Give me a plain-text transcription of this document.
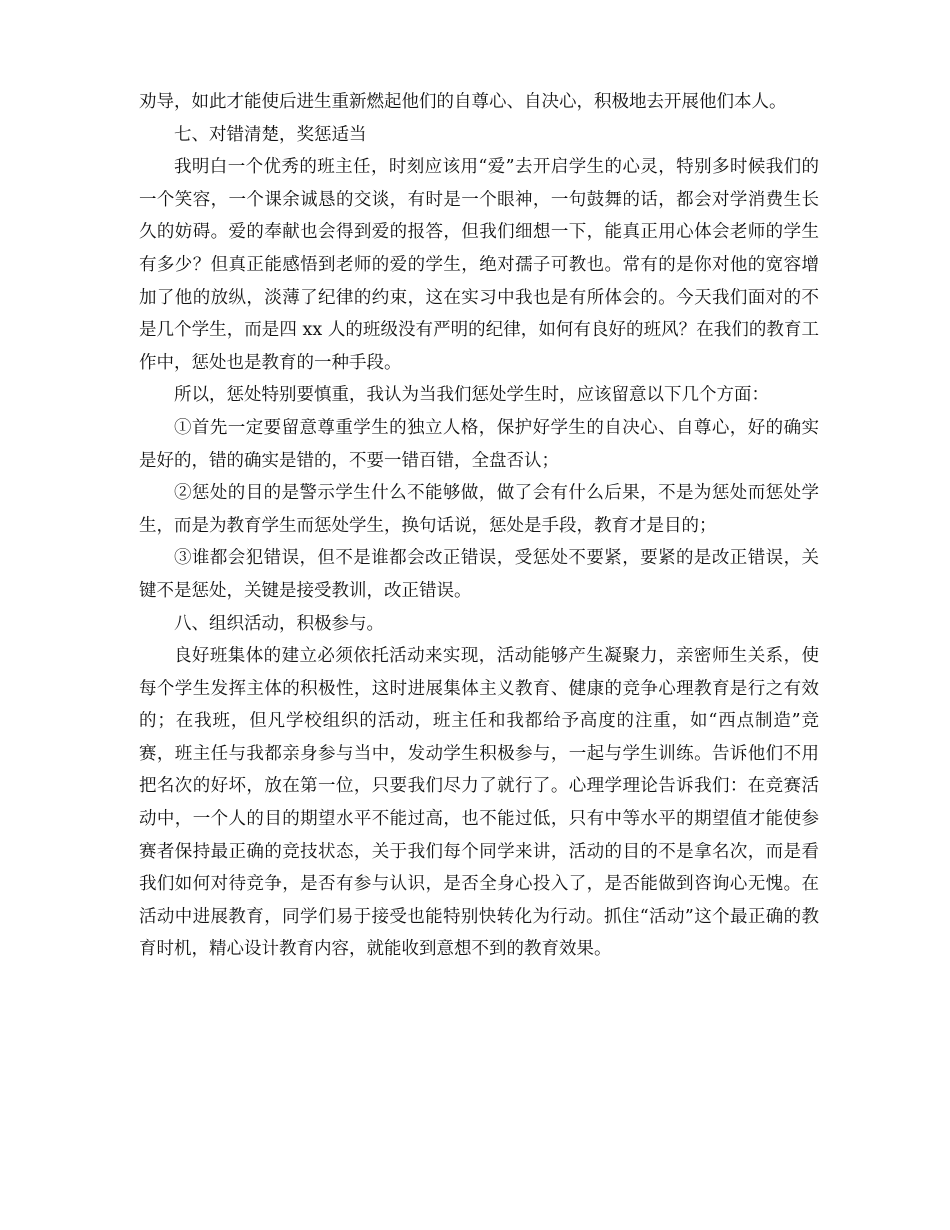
劝导，如此才能使后进生重新燃起他们的自尊心、自决心，积极地去开展他们本人。

七、对错清楚，奖惩适当

我明白一个优秀的班主任，时刻应该用“爱”去开启学生的心灵，特别多时候我们的一个笑容，一个课余诚恳的交谈，有时是一个眼神，一句鼓舞的话，都会对学消费生长久的妨碍。爱的奉献也会得到爱的报答，但我们细想一下，能真正用心体会老师的学生有多少？但真正能感悟到老师的爱的学生，绝对孺子可教也。常有的是你对他的宽容增加了他的放纵，淡薄了纪律的约束，这在实习中我也是有所体会的。今天我们面对的不是几个学生，而是四 xx 人的班级没有严明的纪律，如何有良好的班风？在我们的教育工作中，惩处也是教育的一种手段。

所以，惩处特别要慎重，我认为当我们惩处学生时，应该留意以下几个方面：

①首先一定要留意尊重学生的独立人格，保护好学生的自决心、自尊心，好的确实是好的，错的确实是错的，不要一错百错，全盘否认；

②惩处的目的是警示学生什么不能够做，做了会有什么后果，不是为惩处而惩处学生，而是为教育学生而惩处学生，换句话说，惩处是手段，教育才是目的；

③谁都会犯错误，但不是谁都会改正错误，受惩处不要紧，要紧的是改正错误，关键不是惩处，关键是接受教训，改正错误。

八、组织活动，积极参与。

良好班集体的建立必须依托活动来实现，活动能够产生凝聚力，亲密师生关系，使每个学生发挥主体的积极性，这时进展集体主义教育、健康的竞争心理教育是行之有效的；在我班，但凡学校组织的活动，班主任和我都给予高度的注重，如“西点制造”竞赛，班主任与我都亲身参与当中，发动学生积极参与，一起与学生训练。告诉他们不用把名次的好坏，放在第一位，只要我们尽力了就行了。心理学理论告诉我们：在竞赛活动中，一个人的目的期望水平不能过高，也不能过低，只有中等水平的期望值才能使参赛者保持最正确的竞技状态，关于我们每个同学来讲，活动的目的不是拿名次，而是看我们如何对待竞争，是否有参与认识，是否全身心投入了，是否能做到咨询心无愧。在活动中进展教育，同学们易于接受也能特别快转化为行动。抓住“活动”这个最正确的教育时机，精心设计教育内容，就能收到意想不到的教育效果。
